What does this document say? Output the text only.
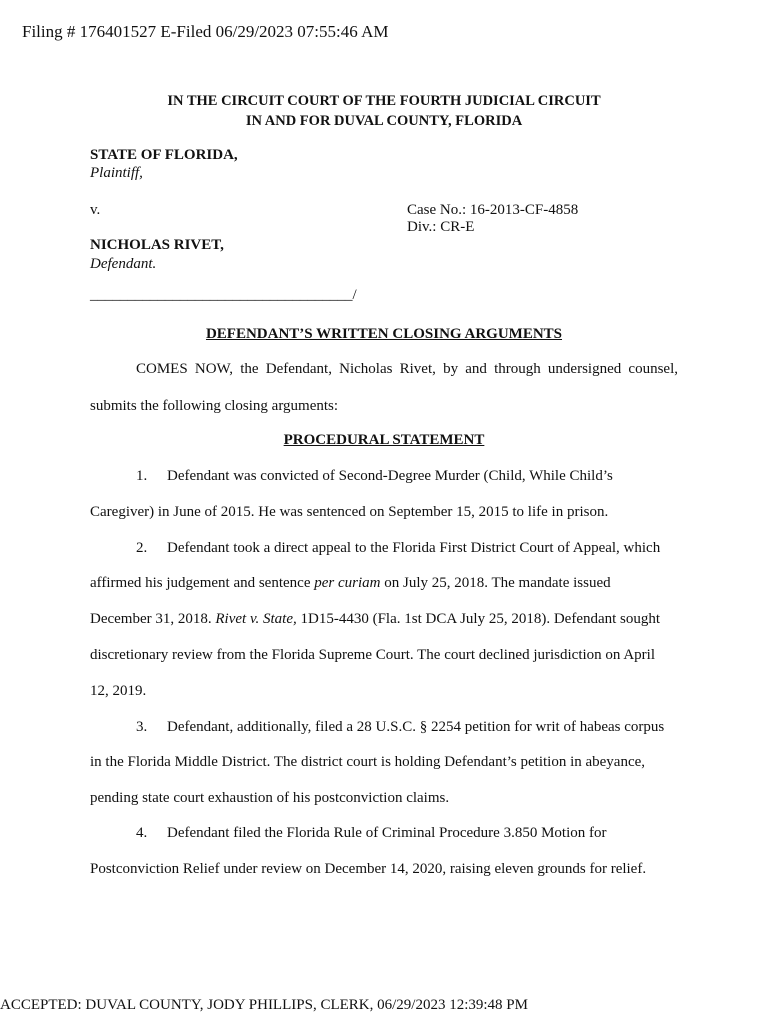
Filing # 176401527 E-Filed 06/29/2023 07:55:46 AM
IN THE CIRCUIT COURT OF THE FOURTH JUDICIAL CIRCUIT
IN AND FOR DUVAL COUNTY, FLORIDA
STATE OF FLORIDA,
Plaintiff,
v.	Case No.: 16-2013-CF-4858
Div.: CR-E
NICHOLAS RIVET,
Defendant.
___________________________________/
DEFENDANT’S WRITTEN CLOSING ARGUMENTS
COMES NOW, the Defendant, Nicholas Rivet, by and through undersigned counsel,
submits the following closing arguments:
PROCEDURAL STATEMENT
1. Defendant was convicted of Second-Degree Murder (Child, While Child’s
Caregiver) in June of 2015. He was sentenced on September 15, 2015 to life in prison.
2. Defendant took a direct appeal to the Florida First District Court of Appeal, which
affirmed his judgement and sentence per curiam on July 25, 2018. The mandate issued
December 31, 2018. Rivet v. State, 1D15-4430 (Fla. 1st DCA July 25, 2018). Defendant sought
discretionary review from the Florida Supreme Court. The court declined jurisdiction on April
12, 2019.
3. Defendant, additionally, filed a 28 U.S.C. § 2254 petition for writ of habeas corpus
in the Florida Middle District. The district court is holding Defendant’s petition in abeyance,
pending state court exhaustion of his postconviction claims.
4. Defendant filed the Florida Rule of Criminal Procedure 3.850 Motion for
Postconviction Relief under review on December 14, 2020, raising eleven grounds for relief.
ACCEPTED: DUVAL COUNTY, JODY PHILLIPS, CLERK, 06/29/2023 12:39:48 PM
